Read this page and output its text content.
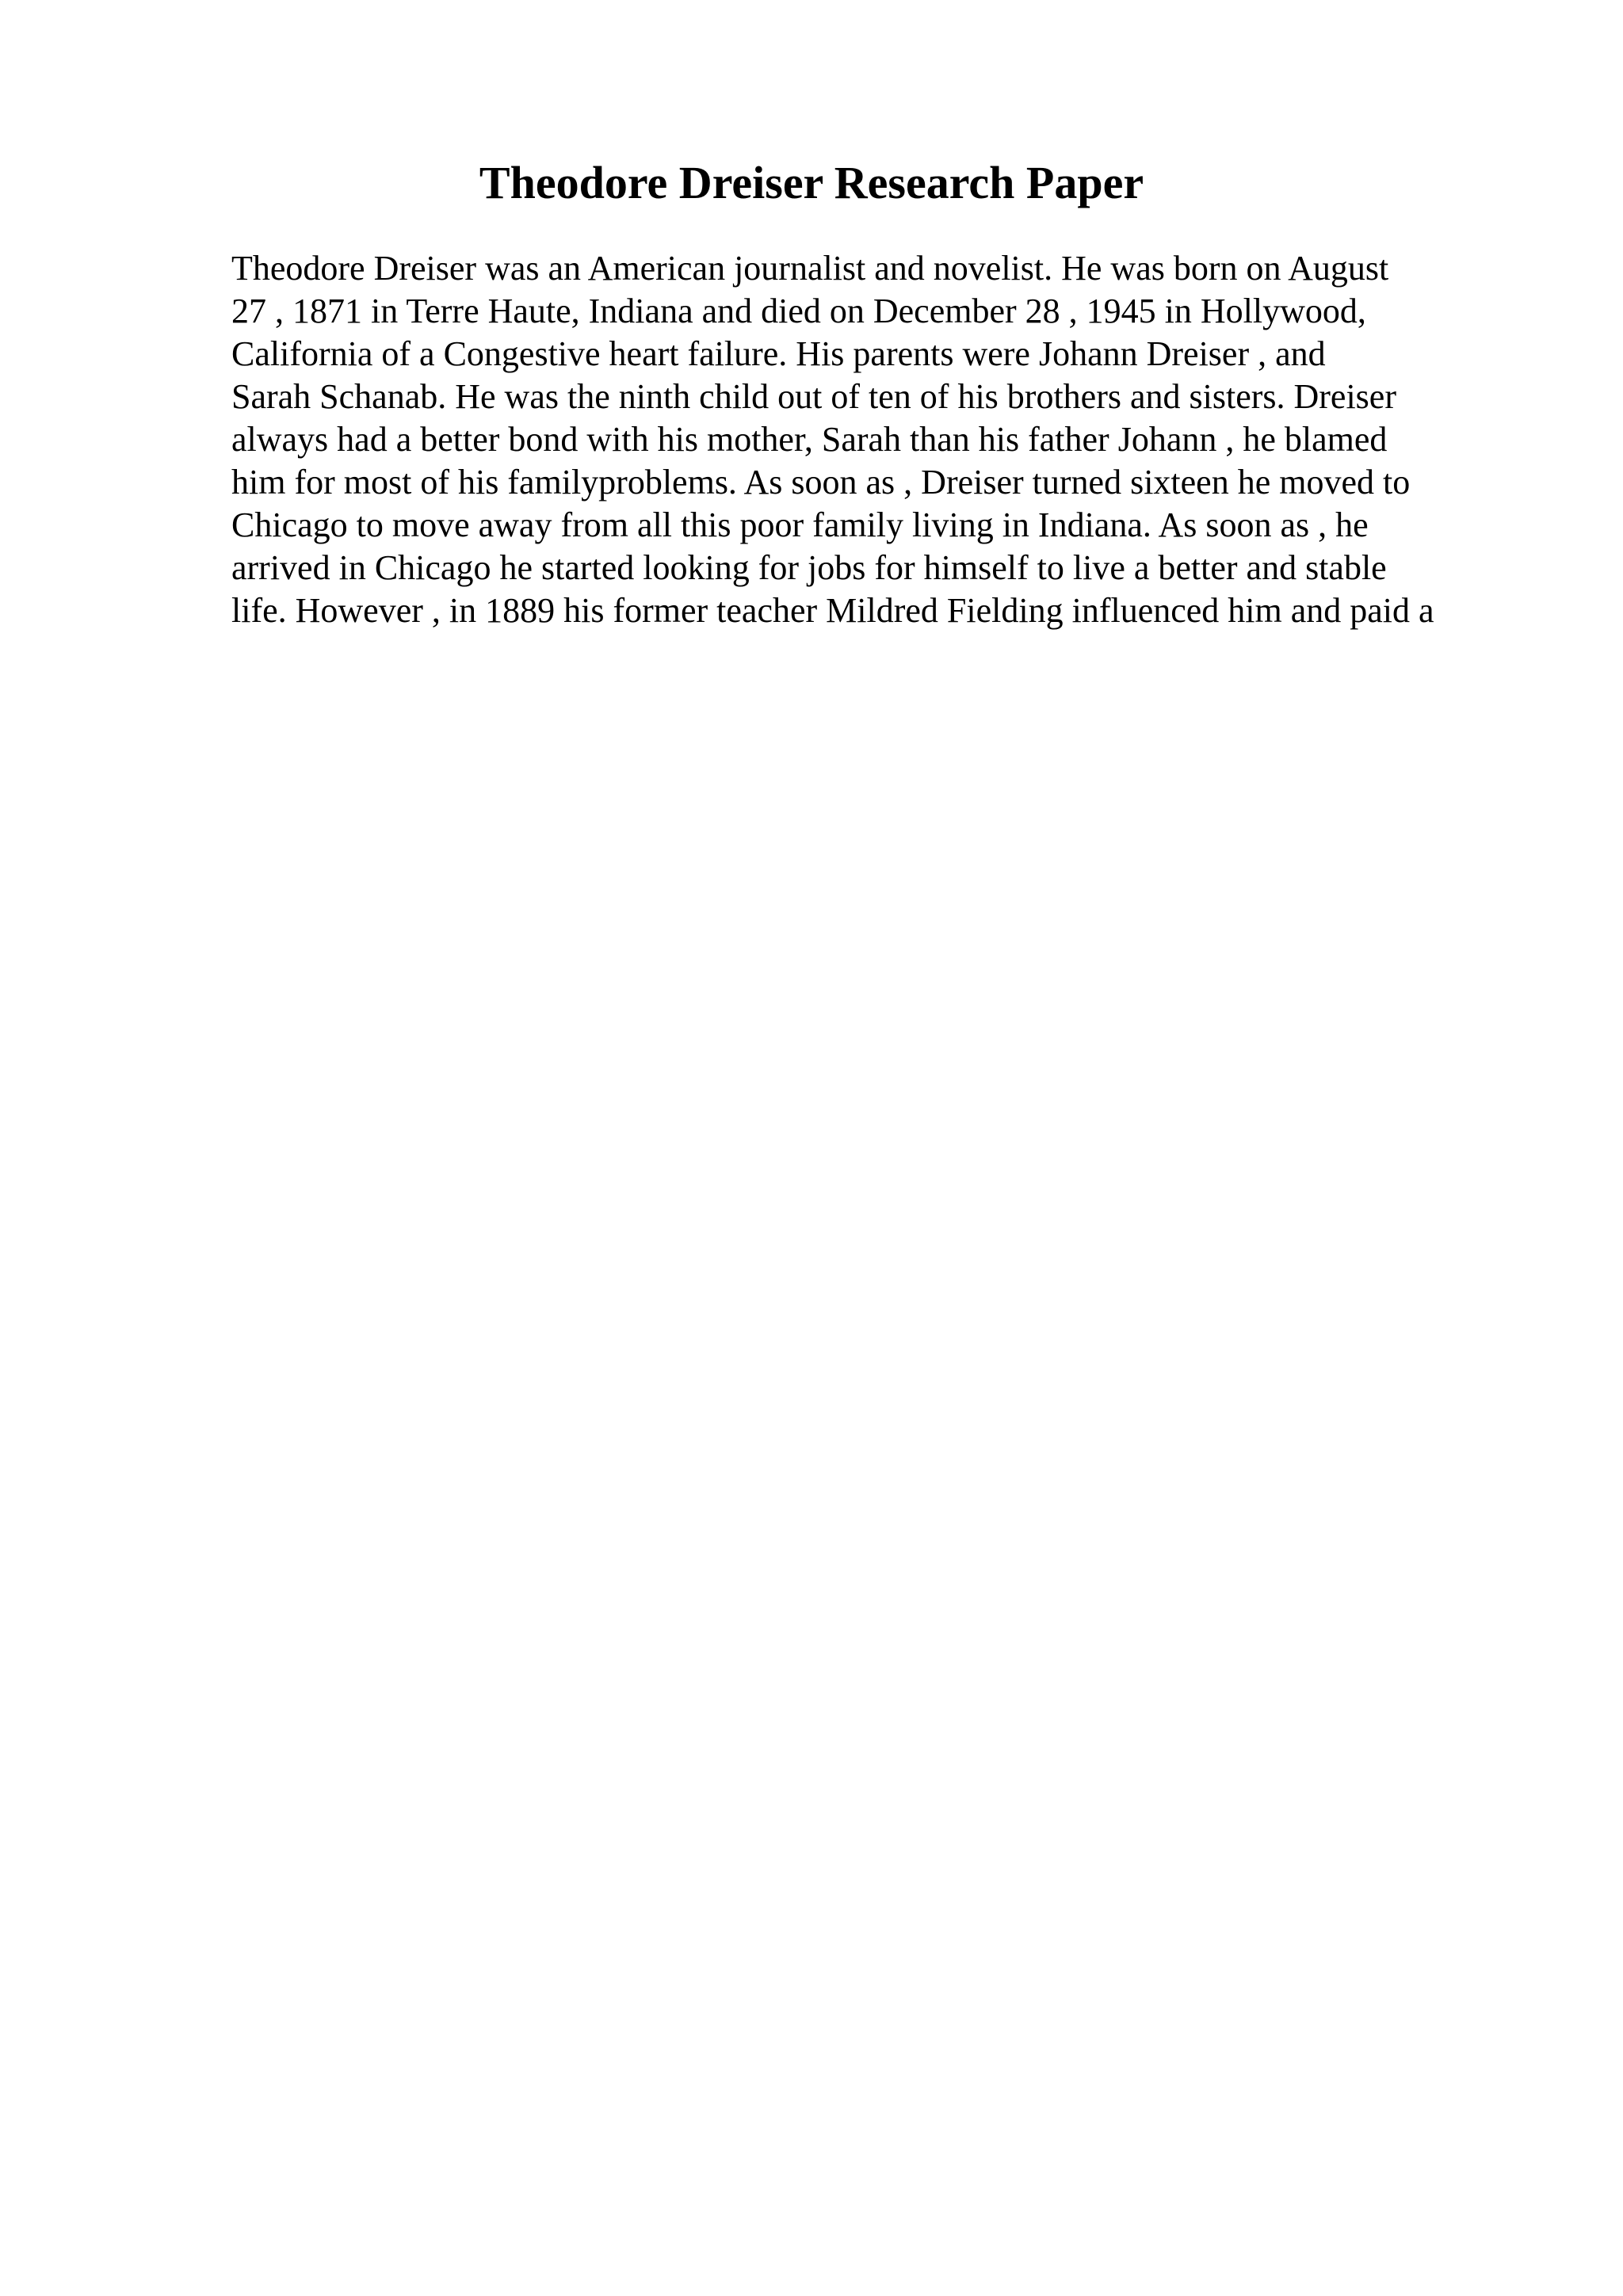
Theodore Dreiser Research Paper
Theodore Dreiser was an American journalist and novelist. He was born on August
27 , 1871 in Terre Haute, Indiana and died on December 28 , 1945 in Hollywood,
California of a Congestive heart failure. His parents were Johann Dreiser , and
Sarah Schanab. He was the ninth child out of ten of his brothers and sisters. Dreiser
always had a better bond with his mother, Sarah than his father Johann , he blamed
him for most of his familyproblems. As soon as , Dreiser turned sixteen he moved to
Chicago to move away from all this poor family living in Indiana. As soon as , he
arrived in Chicago he started looking for jobs for himself to live a better and stable
life. However , in 1889 his former teacher Mildred Fielding influenced him and paid a
